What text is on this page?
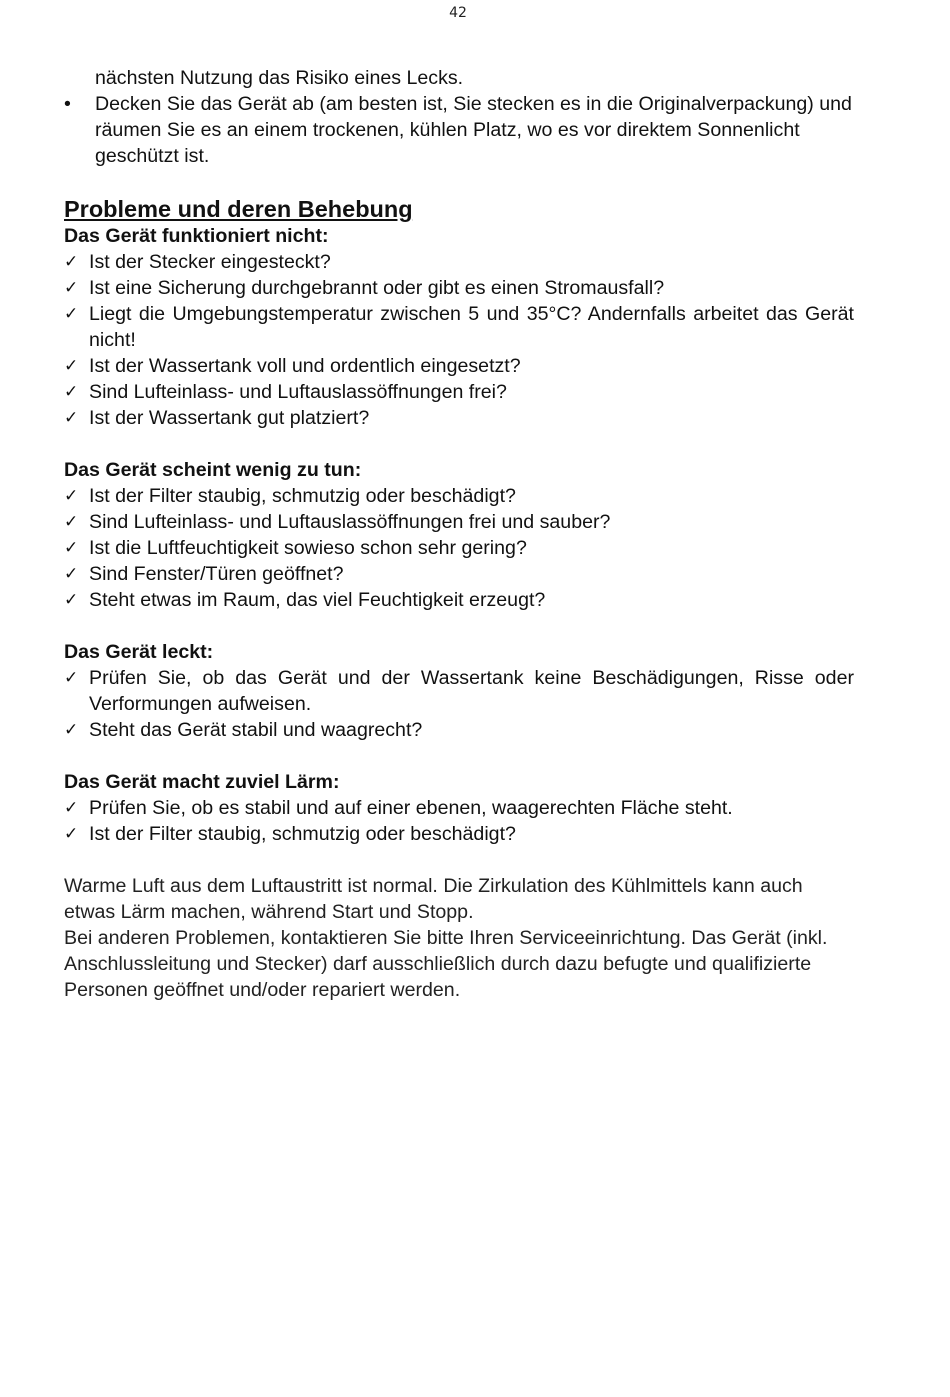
42
nächsten Nutzung das Risiko eines Lecks.
•	Decken Sie das Gerät ab (am besten ist, Sie stecken es in die Originalverpackung) und räumen Sie es an einem trockenen, kühlen Platz, wo es vor direktem Sonnenlicht geschützt ist.
Probleme und deren Behebung
Das Gerät funktioniert nicht:
✓ Ist der Stecker eingesteckt?
✓ Ist eine Sicherung durchgebrannt oder gibt es einen Stromausfall?
✓ Liegt die Umgebungstemperatur zwischen 5 und 35°C? Andernfalls arbeitet das Gerät nicht!
✓ Ist der Wassertank voll und ordentlich eingesetzt?
✓ Sind Lufteinlass- und Luftauslassöffnungen frei?
✓ Ist der Wassertank gut platziert?
Das Gerät scheint wenig zu tun:
✓ Ist der Filter staubig, schmutzig oder beschädigt?
✓ Sind Lufteinlass- und Luftauslassöffnungen frei und sauber?
✓ Ist die Luftfeuchtigkeit sowieso schon sehr gering?
✓ Sind Fenster/Türen geöffnet?
✓ Steht etwas im Raum, das viel Feuchtigkeit erzeugt?
Das Gerät leckt:
✓ Prüfen Sie, ob das Gerät und der Wassertank keine Beschädigungen, Risse oder Verformungen aufweisen.
✓ Steht das Gerät stabil und waagrecht?
Das Gerät macht zuviel Lärm:
✓ Prüfen Sie, ob es stabil und auf einer ebenen, waagerechten Fläche steht.
✓ Ist der Filter staubig, schmutzig oder beschädigt?

Warme Luft aus dem Luftaustritt ist normal. Die Zirkulation des Kühlmittels kann auch etwas Lärm machen, während Start und Stopp.

Bei anderen Problemen, kontaktieren Sie bitte Ihren Serviceeinrichtung. Das Gerät (inkl. Anschlussleitung und Stecker) darf ausschließlich durch dazu befugte und qualifizierte Personen geöffnet und/oder repariert werden.
